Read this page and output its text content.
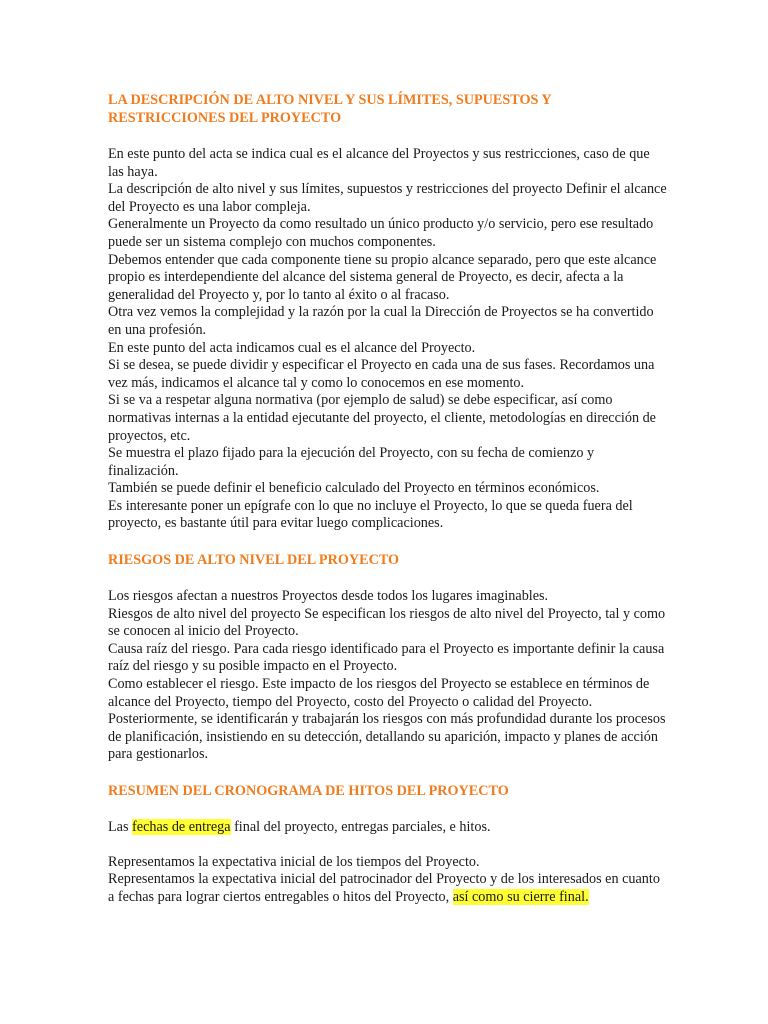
LA DESCRIPCIÓN DE ALTO NIVEL Y SUS LÍMITES, SUPUESTOS Y RESTRICCIONES DEL PROYECTO

En este punto del acta se indica cual es el alcance del Proyectos y sus restricciones, caso de que las haya.

La descripción de alto nivel y sus límites, supuestos y restricciones del proyecto Definir el alcance del Proyecto es una labor compleja.

Generalmente un Proyecto da como resultado un único producto y/o servicio, pero ese resultado puede ser un sistema complejo con muchos componentes.

Debemos entender que cada componente tiene su propio alcance separado, pero que este alcance propio es interdependiente del alcance del sistema general de Proyecto, es decir, afecta a la generalidad del Proyecto y, por lo tanto al éxito o al fracaso.

Otra vez vemos la complejidad y la razón por la cual la Dirección de Proyectos se ha convertido en una profesión.

En este punto del acta indicamos cual es el alcance del Proyecto.

Si se desea, se puede dividir y especificar el Proyecto en cada una de sus fases. Recordamos una vez más, indicamos el alcance tal y como lo conocemos en ese momento.

Si se va a respetar alguna normativa (por ejemplo de salud) se debe especificar, así como normativas internas a la entidad ejecutante del proyecto, el cliente, metodologías en dirección de proyectos, etc.

Se muestra el plazo fijado para la ejecución del Proyecto, con su fecha de comienzo y finalización.

También se puede definir el beneficio calculado del Proyecto en términos económicos.

Es interesante poner un epígrafe con lo que no incluye el Proyecto, lo que se queda fuera del proyecto, es bastante útil para evitar luego complicaciones.

RIESGOS DE ALTO NIVEL DEL PROYECTO

Los riesgos afectan a nuestros Proyectos desde todos los lugares imaginables.

Riesgos de alto nivel del proyecto Se especifican los riesgos de alto nivel del Proyecto, tal y como se conocen al inicio del Proyecto.

Causa raíz del riesgo. Para cada riesgo identificado para el Proyecto es importante definir la causa raíz del riesgo y su posible impacto en el Proyecto.

Como establecer el riesgo. Este impacto de los riesgos del Proyecto se establece en términos de alcance del Proyecto, tiempo del Proyecto, costo del Proyecto o calidad del Proyecto.

Posteriormente, se identificarán y trabajarán los riesgos con más profundidad durante los procesos de planificación, insistiendo en su detección, detallando su aparición, impacto y planes de acción para gestionarlos.

RESUMEN DEL CRONOGRAMA DE HITOS DEL PROYECTO

Las fechas de entrega final del proyecto, entregas parciales, e hitos.

Representamos la expectativa inicial de los tiempos del Proyecto.

Representamos la expectativa inicial del patrocinador del Proyecto y de los interesados en cuanto a fechas para lograr ciertos entregables o hitos del Proyecto, así como su cierre final.
